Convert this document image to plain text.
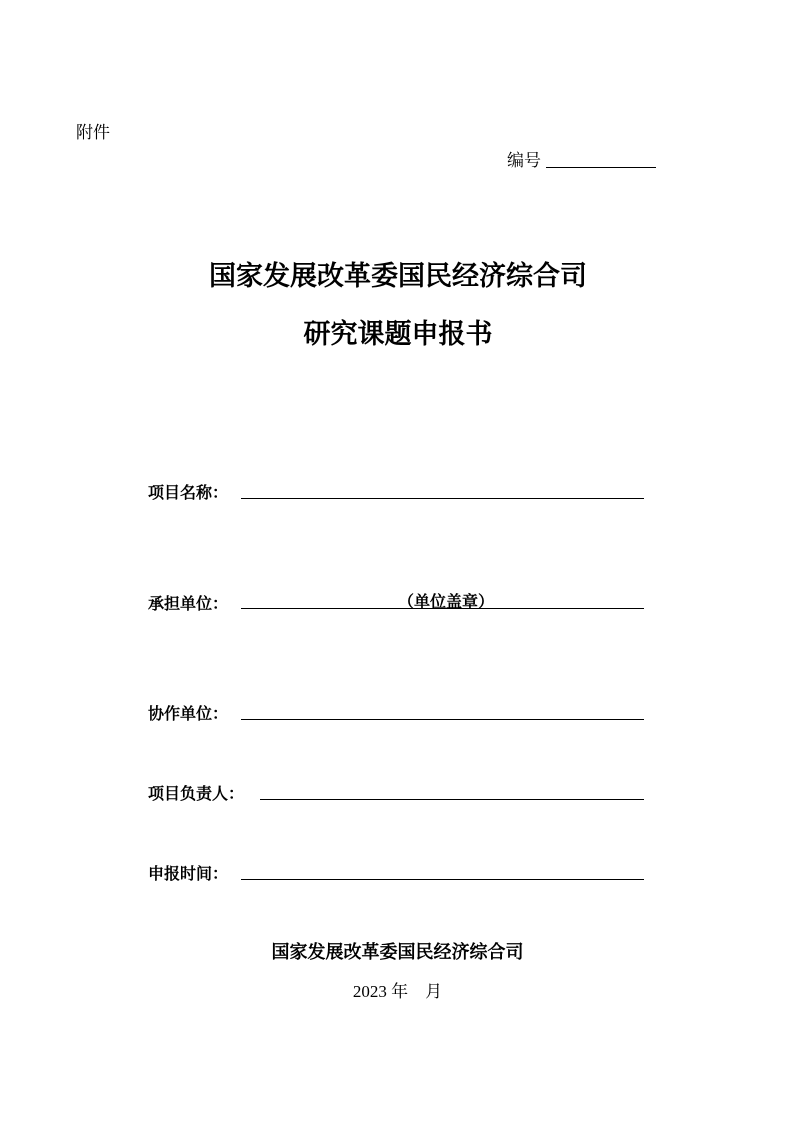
附件
编号
国家发展改革委国民经济综合司
研究课题申报书
项目名称：
承担单位：	（单位盖章）
协作单位：
项目负责人：
申报时间：
国家发展改革委国民经济综合司
2023 年    月
